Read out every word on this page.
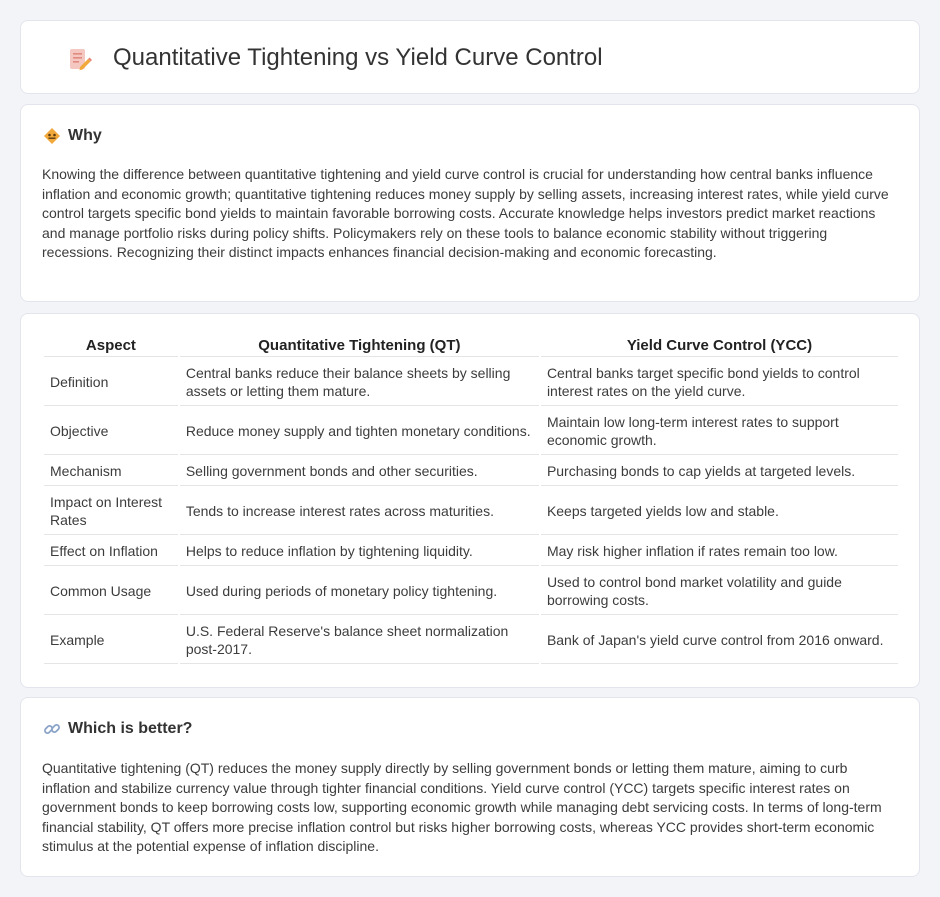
Quantitative Tightening vs Yield Curve Control
Why

Knowing the difference between quantitative tightening and yield curve control is crucial for understanding how central banks influence inflation and economic growth; quantitative tightening reduces money supply by selling assets, increasing interest rates, while yield curve control targets specific bond yields to maintain favorable borrowing costs. Accurate knowledge helps investors predict market reactions and manage portfolio risks during policy shifts. Policymakers rely on these tools to balance economic stability without triggering recessions. Recognizing their distinct impacts enhances financial decision-making and economic forecasting.

Aspect	Quantitative Tightening (QT)	Yield Curve Control (YCC)
Definition	Central banks reduce their balance sheets by selling assets or letting them mature.	Central banks target specific bond yields to control interest rates on the yield curve.
Objective	Reduce money supply and tighten monetary conditions.	Maintain low long-term interest rates to support economic growth.
Mechanism	Selling government bonds and other securities.	Purchasing bonds to cap yields at targeted levels.
Impact on Interest Rates	Tends to increase interest rates across maturities.	Keeps targeted yields low and stable.
Effect on Inflation	Helps to reduce inflation by tightening liquidity.	May risk higher inflation if rates remain too low.
Common Usage	Used during periods of monetary policy tightening.	Used to control bond market volatility and guide borrowing costs.
Example	U.S. Federal Reserve's balance sheet normalization post-2017.	Bank of Japan's yield curve control from 2016 onward.
Which is better?

Quantitative tightening (QT) reduces the money supply directly by selling government bonds or letting them mature, aiming to curb inflation and stabilize currency value through tighter financial conditions. Yield curve control (YCC) targets specific interest rates on government bonds to keep borrowing costs low, supporting economic growth while managing debt servicing costs. In terms of long-term financial stability, QT offers more precise inflation control but risks higher borrowing costs, whereas YCC provides short-term economic stimulus at the potential expense of inflation discipline.
